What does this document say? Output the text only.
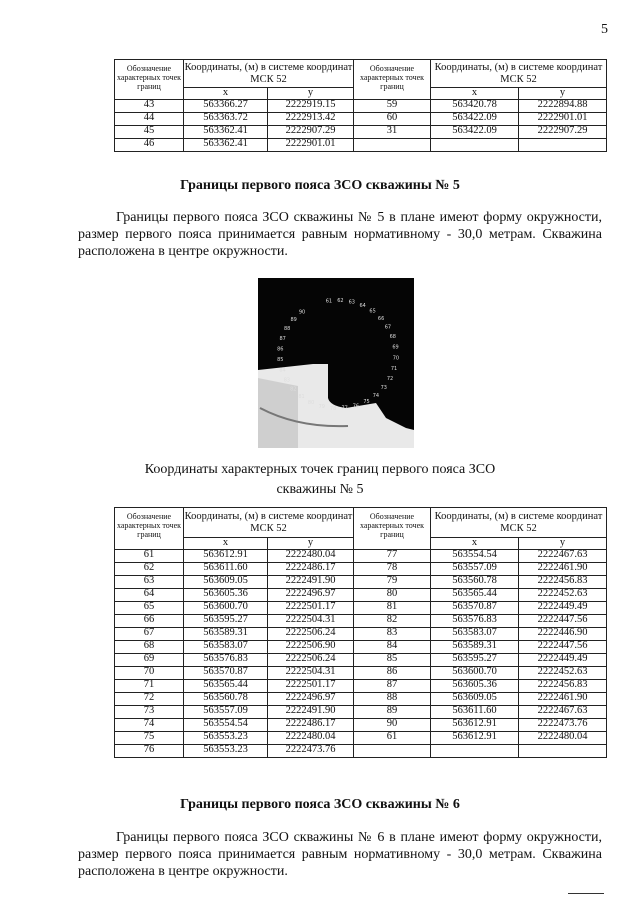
5
Обозначение характерных точек границ	Координаты, (м) в системе координат МСК 52		Обозначение характерных точек границ	Координаты, (м) в системе координат МСК 52	
	х	у		х	у
43	563366.27	2222919.15	59	563420.78	2222894.88
44	563363.72	2222913.42	60	563422.09	2222901.01
45	563362.41	2222907.29	31	563422.09	2222907.29
46	563362.41	2222901.01			
Границы первого пояса ЗСО скважины № 5

Границы первого пояса ЗСО скважины № 5 в плане имеют форму окружности, размер первого пояса принимается равным нормативному - 30,0 метрам. Скважина расположена в центре окружности.

61 62 63
64
65
66
67
68
69
70
71
72
73
74
75
76
77
78
79
80
81
82
83
84
85
86
87
88
89
90
Координаты характерных точек границ первого пояса ЗСО
скважины № 5
Обозначение характерных точек границ	Координаты, (м) в системе координат МСК 52		Обозначение характерных точек границ	Координаты, (м) в системе координат МСК 52	
	х	у		х	у
61	563612.91	2222480.04	77	563554.54	2222467.63
62	563611.60	2222486.17	78	563557.09	2222461.90
63	563609.05	2222491.90	79	563560.78	2222456.83
64	563605.36	2222496.97	80	563565.44	2222452.63
65	563600.70	2222501.17	81	563570.87	2222449.49
66	563595.27	2222504.31	82	563576.83	2222447.56
67	563589.31	2222506.24	83	563583.07	2222446.90
68	563583.07	2222506.90	84	563589.31	2222447.56
69	563576.83	2222506.24	85	563595.27	2222449.49
70	563570.87	2222504.31	86	563600.70	2222452.63
71	563565.44	2222501.17	87	563605.36	2222456.83
72	563560.78	2222496.97	88	563609.05	2222461.90
73	563557.09	2222491.90	89	563611.60	2222467.63
74	563554.54	2222486.17	90	563612.91	2222473.76
75	563553.23	2222480.04	61	563612.91	2222480.04
76	563553.23	2222473.76			
Границы первого пояса ЗСО скважины № 6

Границы первого пояса ЗСО скважины № 6 в плане имеют форму окружности, размер первого пояса принимается равным нормативному - 30,0 метрам. Скважина расположена в центре окружности.
